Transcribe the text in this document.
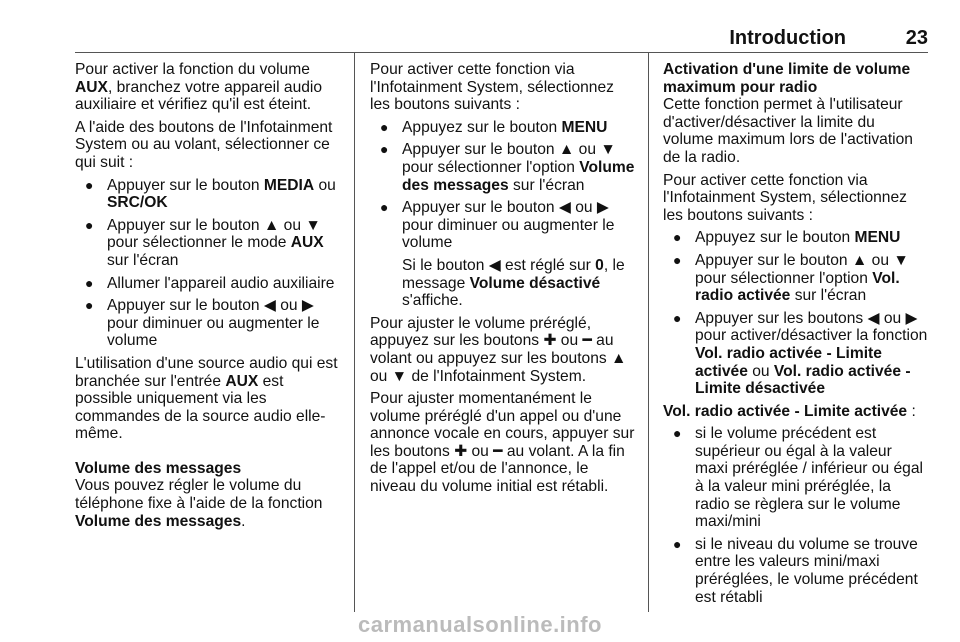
Introduction	23

Pour activer la fonction du volume AUX, branchez votre appareil audio auxiliaire et vérifiez qu'il est éteint.

A l'aide des boutons de l'Infotainment System ou au volant, sélectionner ce qui suit :

● Appuyer sur le bouton MEDIA ou SRC/OK
● Appuyer sur le bouton ▲ ou ▼ pour sélectionner le mode AUX sur l'écran
● Allumer l'appareil audio auxiliaire
● Appuyer sur le bouton ◀ ou ▶ pour diminuer ou augmenter le volume

L'utilisation d'une source audio qui est branchée sur l'entrée AUX est possible uniquement via les commandes de la source audio elle-même.

Volume des messages

Vous pouvez régler le volume du téléphone fixe à l'aide de la fonction Volume des messages.

Pour activer cette fonction via l'Infotainment System, sélectionnez les boutons suivants :

● Appuyez sur le bouton MENU
● Appuyer sur le bouton ▲ ou ▼ pour sélectionner l'option Volume des messages sur l'écran
● Appuyer sur le bouton ◀ ou ▶ pour diminuer ou augmenter le volume
Si le bouton ◀ est réglé sur 0, le message Volume désactivé s'affiche.

Pour ajuster le volume préréglé, appuyez sur les boutons ✚ ou ━ au volant ou appuyez sur les boutons ▲ ou ▼ de l'Infotainment System.

Pour ajuster momentanément le volume préréglé d'un appel ou d'une annonce vocale en cours, appuyer sur les boutons ✚ ou ━ au volant. A la fin de l'appel et/ou de l'annonce, le niveau du volume initial est rétabli.

Activation d'une limite de volume maximum pour radio

Cette fonction permet à l'utilisateur d'activer/désactiver la limite du volume maximum lors de l'activation de la radio.

Pour activer cette fonction via l'Infotainment System, sélectionnez les boutons suivants :

● Appuyez sur le bouton MENU
● Appuyer sur le bouton ▲ ou ▼ pour sélectionner l'option Vol. radio activée sur l'écran
● Appuyer sur les boutons ◀ ou ▶ pour activer/désactiver la fonction Vol. radio activée - Limite activée ou Vol. radio activée - Limite désactivée

Vol. radio activée - Limite activée :

● si le volume précédent est supérieur ou égal à la valeur maxi préréglée / inférieur ou égal à la valeur mini préréglée, la radio se règlera sur le volume maxi/mini
● si le niveau du volume se trouve entre les valeurs mini/maxi préréglées, le volume précédent est rétabli
carmanualsonline.info
